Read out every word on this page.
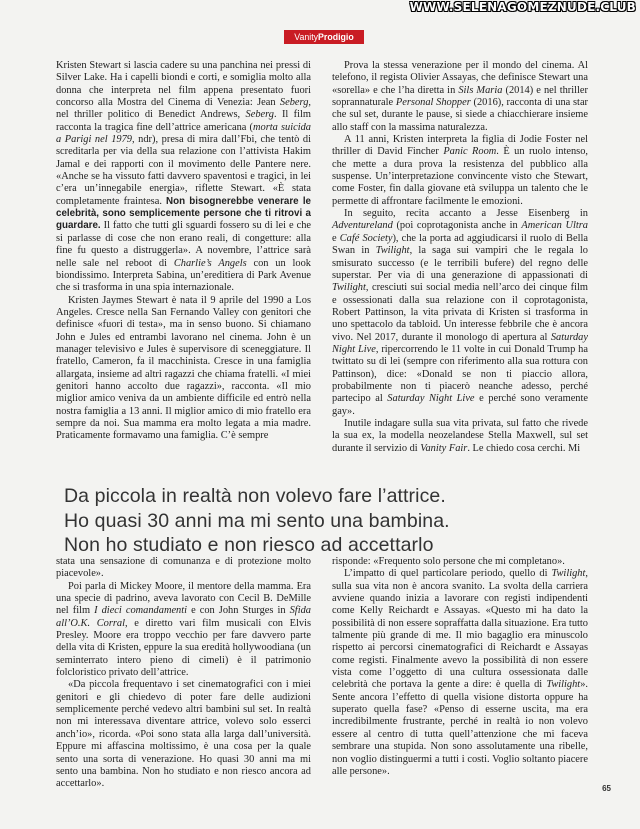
WWW.SELENAGOMEZNUDE.CLUB
VanityProdigio

Kristen Stewart si lascia cadere su una panchina nei pressi di Silver Lake. Ha i capelli biondi e corti, e somiglia molto alla donna che interpreta nel film appena presentato fuori concorso alla Mostra del Cinema di Venezia: Jean Seberg, nel thriller politico di Benedict Andrews, Seberg. Il film racconta la tragica fine dell’attrice americana (morta suicida a Parigi nel 1979, ndr), presa di mira dall’Fbi, che tentò di screditarla per via della sua relazione con l’attivista Hakim Jamal e dei rapporti con il movimento delle Pantere nere. «Anche se ha vissuto fatti davvero spaventosi e tragici, in lei c’era un’innegabile energia», riflette Stewart. «È stata completamente fraintesa. Non bisognerebbe venerare le celebrità, sono semplicemente persone che ti ritrovi a guardare. Il fatto che tutti gli sguardi fossero su di lei e che si parlasse di cose che non erano reali, di congetture: alla fine fu questo a distruggerla». A novembre, l’attrice sarà nelle sale nel reboot di Charlie’s Angels con un look biondissimo. Interpreta Sabina, un’ereditiera di Park Avenue che si trasforma in una spia internazionale.

Kristen Jaymes Stewart è nata il 9 aprile del 1990 a Los Angeles. Cresce nella San Fernando Valley con genitori che definisce «fuori di testa», ma in senso buono. Si chiamano John e Jules ed entrambi lavorano nel cinema. John è un manager televisivo e Jules è supervisore di sceneggiature. Il fratello, Cameron, fa il macchinista. Cresce in una famiglia allargata, insieme ad altri ragazzi che chiama fratelli. «I miei genitori hanno accolto due ragazzi», racconta. «Il mio miglior amico veniva da un ambiente difficile ed entrò nella nostra famiglia a 13 anni. Il miglior amico di mio fratello era sempre da noi. Sua mamma era molto legata a mia madre. Praticamente formavamo una famiglia. C’è sempre

Prova la stessa venerazione per il mondo del cinema. Al telefono, il regista Olivier Assayas, che definisce Stewart una «sorella» e che l’ha diretta in Sils Maria (2014) e nel thriller soprannaturale Personal Shopper (2016), racconta di una star che sul set, durante le pause, si siede a chiacchierare insieme allo staff con la massima naturalezza.

A 11 anni, Kristen interpreta la figlia di Jodie Foster nel thriller di David Fincher Panic Room. È un ruolo intenso, che mette a dura prova la resistenza del pubblico alla suspense. Un’interpretazione convincente visto che Stewart, come Foster, fin dalla giovane età sviluppa un talento che le permette di affrontare facilmente le emozioni.

In seguito, recita accanto a Jesse Eisenberg in Adventureland (poi coprotagonista anche in American Ultra e Café Society), che la porta ad aggiudicarsi il ruolo di Bella Swan in Twilight, la saga sui vampiri che le regala lo smisurato successo (e le terribili bufere) del regno delle superstar. Per via di una generazione di appassionati di Twilight, cresciuti sui social media nell’arco dei cinque film e ossessionati dalla sua relazione con il coprotagonista, Robert Pattinson, la vita privata di Kristen si trasforma in uno spettacolo da tabloid. Un interesse febbrile che è ancora vivo. Nel 2017, durante il monologo di apertura al Saturday Night Live, ripercorrendo le 11 volte in cui Donald Trump ha twittato su di lei (sempre con riferimento alla sua rottura con Pattinson), dice: «Donald se non ti piaccio allora, probabilmente non ti piacerò neanche adesso, perché partecipo al Saturday Night Live e perché sono veramente gay».

Inutile indagare sulla sua vita privata, sul fatto che rivede la sua ex, la modella neozelandese Stella Maxwell, sul set durante il servizio di Vanity Fair. Le chiedo cosa cerchi. Mi

Da piccola in realtà non volevo fare l’attrice.
Ho quasi 30 anni ma mi sento una bambina.
Non ho studiato e non riesco ad accettarlo

stata una sensazione di comunanza e di protezione molto piacevole».

Poi parla di Mickey Moore, il mentore della mamma. Era una specie di padrino, aveva lavorato con Cecil B. DeMille nel film I dieci comandamenti e con John Sturges in Sfida all’O.K. Corral, e diretto vari film musicali con Elvis Presley. Moore era troppo vecchio per fare davvero parte della vita di Kristen, eppure la sua eredità hollywoodiana (un seminterrato intero pieno di cimeli) è il patrimonio folcloristico privato dell’attrice.

«Da piccola frequentavo i set cinematografici con i miei genitori e gli chiedevo di poter fare delle audizioni semplicemente perché vedevo altri bambini sul set. In realtà non mi interessava diventare attrice, volevo solo esserci anch’io», ricorda. «Poi sono stata alla larga dall’università. Eppure mi affascina moltissimo, è una cosa per la quale sento una sorta di venerazione. Ho quasi 30 anni ma mi sento una bambina. Non ho studiato e non riesco ancora ad accettarlo».

risponde: «Frequento solo persone che mi completano».

L’impatto di quel particolare periodo, quello di Twilight, sulla sua vita non è ancora svanito. La svolta della carriera avviene quando inizia a lavorare con registi indipendenti come Kelly Reichardt e Assayas. «Questo mi ha dato la possibilità di non essere sopraffatta dalla situazione. Era tutto talmente più grande di me. Il mio bagaglio era minuscolo rispetto ai percorsi cinematografici di Reichardt e Assayas come registi. Finalmente avevo la possibilità di non essere vista come l’oggetto di una cultura ossessionata dalle celebrità che portava la gente a dire: è quella di Twilight». Sente ancora l’effetto di quella visione distorta oppure ha superato quella fase? «Penso di esserne uscita, ma era incredibilmente frustrante, perché in realtà io non volevo essere al centro di tutta quell’attenzione che mi faceva sembrare una stupida. Non sono assolutamente una ribelle, non voglio distinguermi a tutti i costi. Voglio soltanto piacere alle persone».

65
